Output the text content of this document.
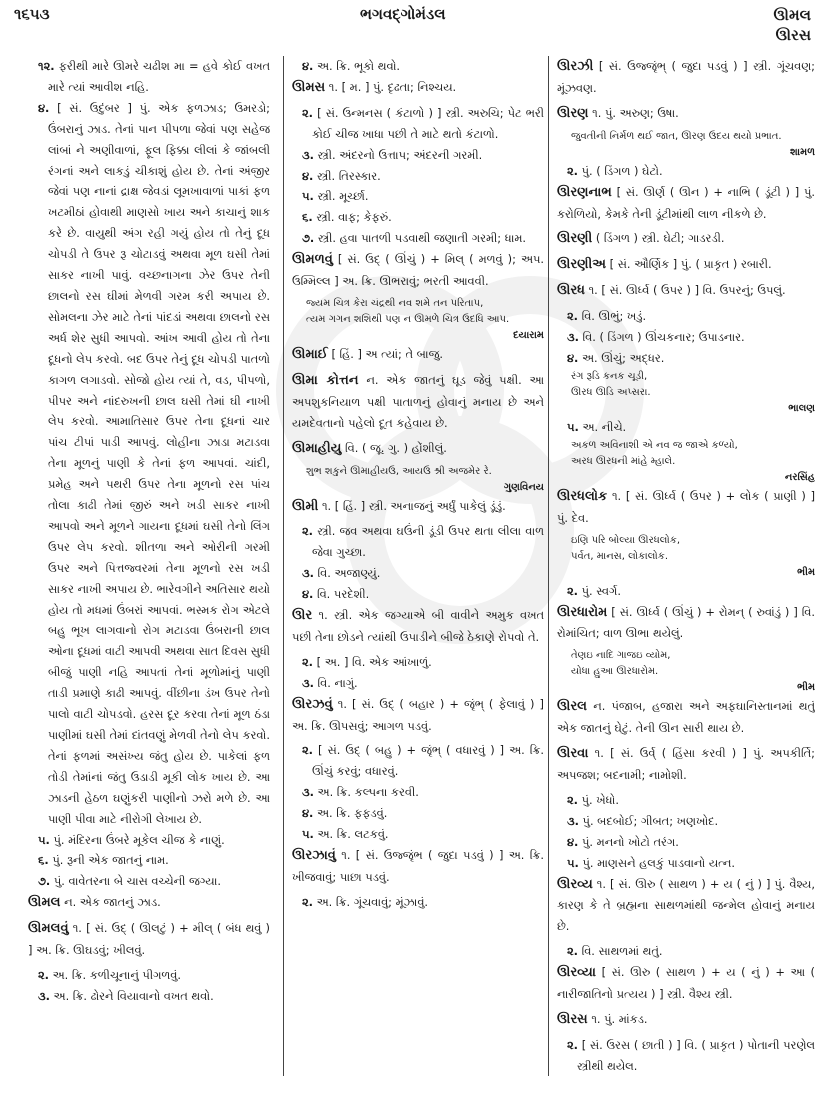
૧૬૫૩	ભગવદ્ગોમંડલ	ઊમલ
ઊરસ
૧૨. ફરીથી મારે ઊમરે ચઢીશ મા = હવે કોઈ વખત મારે ત્યાં આવીશ નહિ.
૪. [ સં. ઉદુંબર ] પું. એક ફળઝાડ; ઉમરડો; ઉંબરાનું ઝાડ. તેનાં પાન પીપળા જેવાં પણ સહેજ લાંબાં ને અણીવાળાં, ફૂલ ફિક્કા લીલાં કે જાંબલી રંગનાં અને લાકડું ચીકાશું હોય છે. તેનાં અંજીર જેવાં પણ નાનાં દ્રાક્ષ જેવડાં લૂમખાવાળાં પાકાં ફળ ખટમીઠાં હોવાથી માણસો ખાય અને કાચાનું શાક કરે છે. વાયુથી અંગ રહી ગયું હોય તો તેનું દૂધ ચોપડી તે ઉપર રૂ ચોટાડવું અથવા મૂળ ઘસી તેમાં સાકર નાખી પાવું. વચ્છનાગના ઝેર ઉપર તેની છાલનો રસ ઘીમાં મેળવી ગરમ કરી અપાય છે. સોમલના ઝેર માટે તેનાં પાંદડાં અથવા છાલનો રસ અર્ધ શેર સુધી આપવો. આંખ આવી હોય તો તેના દૂધનો લેપ કરવો. બદ ઉપર તેનું દૂધ ચોપડી પાતળો કાગળ લગાડવો. સોજો હોય ત્યાં તે, વડ, પીપળો, પીપર અને નાંદરુખની છાલ ઘસી તેમાં ઘી નાખી લેપ કરવો. આમાતિસાર ઉપર તેના દૂધનાં ચાર પાંચ ટીપાં પાડી આપવું. લોહીના ઝાડા મટાડવા તેના મૂળનું પાણી કે તેનાં ફળ આપવાં. ચાંદી, પ્રમેહ અને પથરી ઉપર તેના મૂળનો રસ પાંચ તોલા કાઢી તેમાં જીરું અને ખડી સાકર નાખી આપવો અને મૂળને ગાયના દૂધમાં ઘસી તેનો લિંગ ઉપર લેપ કરવો. શીતળા અને ઓરીની ગરમી ઉપર અને પિત્તજ્વરમાં તેના મૂળનો રસ ખડી સાકર નાખી અપાય છે. ભારેવગીને અતિસાર થયો હોય તો મધમાં ઉંબરાં આપવાં. ભસ્મક રોગ એટલે બહુ ભૂખ લાગવાનો રોગ મટાડવા ઉંબરાની છાલ ઓના દૂધમાં વાટી આપવી અથવા સાત દિવસ સુધી બીજું પાણી નહિ આપતાં તેનાં મૂળોમાંનું પાણી તાડી પ્રમાણે કાઢી આપવું. વીંછીના ડંખ ઉપર તેનો પાલો વાટી ચોપડવો. હરસ દૂર કરવા તેનાં મૂળ ઠંડા પાણીમાં ઘસી તેમાં દાંતવણું મેળવી તેનો લેપ કરવો. તેનાં ફળમાં અસંખ્ય જંતુ હોય છે. પાકેલાં ફળ તોડી તેમાંનાં જંતુ ઉડાડી મૂકી લોક ખાય છે. આ ઝાડની હેઠળ ઘણુંકરી પાણીનો ઝરો મળે છે. આ પાણી પીવા માટે નીરોગી લેખાય છે.
૫. પું. મંદિરના ઉંબરે મૂકેલ ચીજ કે નાણું.
૬. પું. રૂની એક જાતનું નામ.
૭. પું. વાવેતરના બે ચાસ વચ્ચેની જગ્યા.
ઊમલ ન. એક જાતનું ઝાડ.
ઊમલવું ૧. [ સં. ઉદ્ ( ઊલટું ) + મીલ્ ( બંધ થવું ) ] અ. ક્રિ. ઊઘડવું; ખીલવું.
૨. અ. ક્રિ. કળીચૂનાનું પીગળવું.
૩. અ. ક્રિ. ઢોરને વિયાવાનો વખત થવો.
૪. અ. ક્રિ. ભૂકો થવો.
ઊમસ ૧. [ મ. ] પું. દૃઢતા; નિશ્ચય.
૨. [ સં. ઉન્મનસ ( કંટાળો ) ] સ્ત્રી. અરુચિ; પેટ ભરી કોઈ ચીજ ખાધા પછી તે માટે થતો કંટાળો.
૩. સ્ત્રી. અંદરનો ઉત્તાપ; અંદરની ગરમી.
૪. સ્ત્રી. તિરસ્કાર.
૫. સ્ત્રી. મૂર્ચ્છા.
૬. સ્ત્રી. વાફ; કેફરું.
૭. સ્ત્રી. હવા પાતળી પડવાથી જણાતી ગરમી; ધામ.
ઊમળવું [ સં. ઉદ્ ( ઊંચું ) + મિલ્ ( મળવું ); અપ. ઉમ્મિલ્લ ] અ. ક્રિ. ઊભરાવું; ભરતી આવવી.
જ્યમ ચિત્ર કેરા ચંદ્રથી નવ શમે તન પરિતાપ,
ત્યમ ગગન શશિથી પણ ન ઊમળે ચિત્ર ઉદધિ આપ.
દયારામ
ઊમાઈ [ હિં. ] અ ત્યાં; તે બાજુ.
ઊમા કોત્તન ન. એક જાતનું ઘૂડ જેવું પક્ષી. આ અપશુકનિયાળ પક્ષી પાતાળનું હોવાનું મનાય છે અને યમદેવતાનો પહેલો દૂત કહેવાય છે.
ઊમાહીયુ વિ. ( જૂ. ગુ. ) હોંશીલું.
શુભ શકુને ઊમાહીયઉ, આયઉ શ્રી અજમેર રે.
ગુણવિનય
ઊમી ૧. [ હિં. ] સ્ત્રી. અનાજનું અર્ધું પાકેલું ડૂંડું.
૨. સ્ત્રી. જવ અથવા ઘઉંની ડૂંડી ઉપર થતા લીલા વાળ જેવા ગુચ્છા.
૩. વિ. અજાણ્યું.
૪. વિ. પરદેશી.
ઊર ૧. સ્ત્રી. એક જગ્યાએ બી વાવીને અમુક વખત પછી તેના છોડને ત્યાંથી ઉપાડીને બીજે ઠેકાણે રોપવો તે.
૨. [ અ. ] વિ. એક આંખાળું.
૩. વિ. નાગું.
ઊરઝવું ૧. [ સં. ઉદ્ ( બહાર ) + જૃંભ્ ( ફેલાવું ) ] અ. ક્રિ. ઊપસવું; આગળ પડવું.
૨. [ સં. ઉદ્ ( બહુ ) + જૃંભ્ ( વધારવું ) ] અ. ક્રિ. ઊંચું કરવું; વધારવું.
૩. અ. ક્રિ. કલ્પના કરવી.
૪. અ. ક્રિ. ફફડવું.
૫. અ. ક્રિ. લટકવું.
ઊરઝાવું ૧. [ સં. ઉજ્જૃંભ ( જુદા પડવું ) ] અ. ક્રિ. ખીજવાવું; પાછા પડવું.
૨. અ. ક્રિ. ગૂંચવાવું; મૂંઝાવું.
ઊરઝી [ સં. ઉજ્જૃંભ્ ( જુદા પડવું ) ] સ્ત્રી. ગૂંચવણ; મૂંઝવણ.
ઊરણ ૧. પું. અરુણ; ઉષા.
જુવતીની નિર્મળ થઈ જાત, ઊરણ ઉદય થયો પ્રભાત.
શામળ
૨. પું. ( ડિંગળ ) ઘેટો.
ઊરણનાભ [ સં. ઊર્ણ ( ઊન ) + નાભિ ( ડૂંટી ) ] પું. કરોળિયો, કેમકે તેની ડૂંટીમાંથી લાળ નીકળે છે.
ઊરણી ( ડિંગળ ) સ્ત્રી. ઘેટી; ગાડરડી.
ઊરણીઅ [ સં. ઔર્ણિક ] પું. ( પ્રાકૃત ) રબારી.
ઊરધ ૧. [ સં. ઊર્ધ્વ ( ઉપર ) ] વિ. ઉપરનું; ઉપલું.
૨. વિ. ઊભું; ખડું.
૩. વિ. ( ડિંગળ ) ઊંચકનાર; ઉપાડનાર.
૪. અ. ઊંચું; અદ્ધર.
રંગ રૂડિ કનક ચૂડી,
ઊરધ ઊડિ અપ્સરા.
ભાલણ
૫. અ. નીચે.
અકળ અવિનાશી એ નવ જ જાએ કળ્યો,
અરધ ઊરધની માંહે મ્હાલે.
નરસિંહ
ઊરધલોક ૧. [ સં. ઊર્ધ્વ ( ઉપર ) + લોક ( પ્રાણી ) ] પું. દેવ.
ઇણિ પરિ બોલ્યા ઊરધલોક,
પર્વત, માનસ, લોકાલોક.
ભીમ
૨. પું. સ્વર્ગ.
ઊરધારોમ [ સં. ઊર્ધ્વ ( ઊંચું ) + રોમન્ ( રુવાંડું ) ] વિ. રોમાંચિત; વાળ ઊભા થયેલું.
તેણઇ નાદિ ગાજઇ વ્યોમ,
યોધા હુઆ ઊરધારોમ.
ભીમ
ઊરલ ન. પંજાબ, હજારા અને અફઘાનિસ્તાનમાં થતું એક જાતનું ઘેટું. તેની ઊન સારી થાય છે.
ઊરવા ૧. [ સં. ઉર્વ્ ( હિંસા કરવી ) ] પું. અપકીર્તિ; અપજશ; બદનામી; નામોશી.
૨. પું. ખેધો.
૩. પું. બદબોઈ; ગીબત; ખણખોદ.
૪. પું. મનનો ખોટો તરંગ.
૫. પું. માણસને હલકું પાડવાનો યત્ન.
ઊરવ્ય ૧. [ સં. ઊરુ ( સાથળ ) + ય ( નું ) ] પું. વૈશ્ય, કારણ કે તે બ્રહ્મના સાથળમાંથી જન્મેલ હોવાનું મનાય છે.
૨. વિ. સાથળમાં થતું.
ઊરવ્યા [ સં. ઊરુ ( સાથળ ) + ય ( નું ) + આ ( નારીજાતિનો પ્રત્યય ) ] સ્ત્રી. વૈશ્ય સ્ત્રી.
ઊરસ ૧. પું. માંકડ.
૨. [ સં. ઉરસ ( છાતી ) ] વિ. ( પ્રાકૃત ) પોતાની પરણેલ સ્ત્રીથી થયેલ.
